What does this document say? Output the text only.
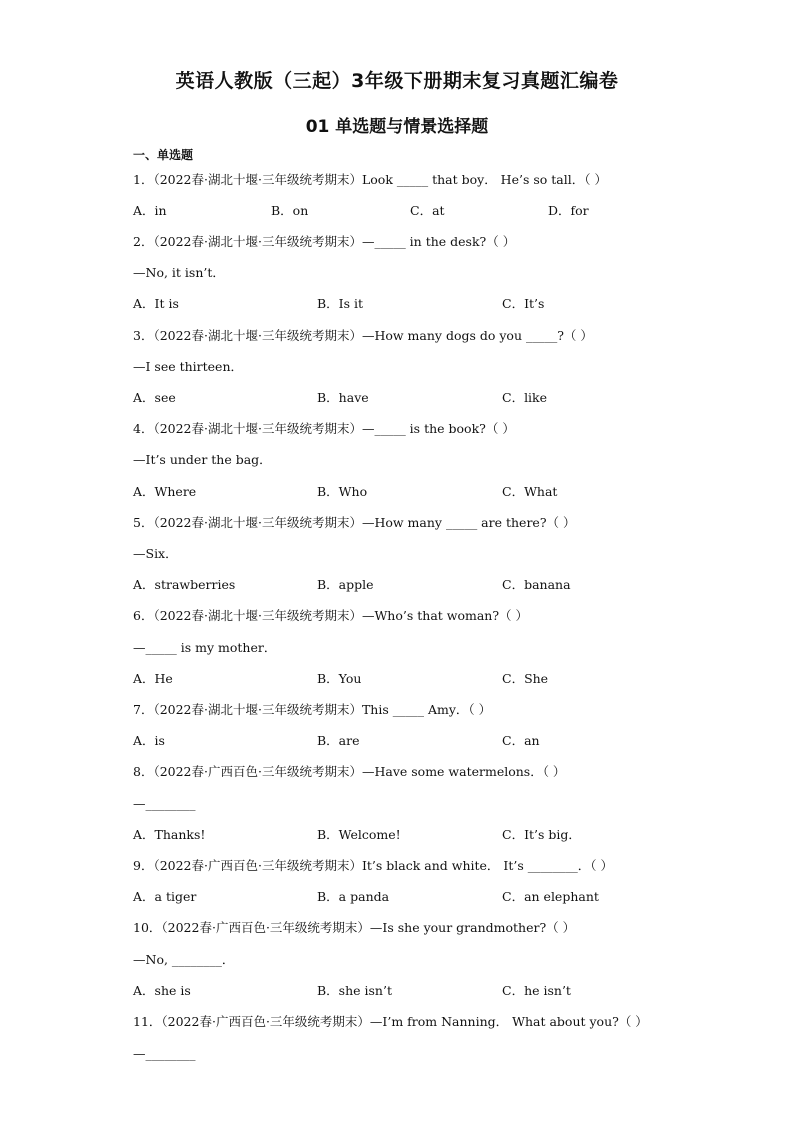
英语人教版（三起）3年级下册期末复习真题汇编卷
01 单选题与情景选择题
一、单选题
1．（2022春·湖北十堰·三年级统考期末）Look _____ that boy． He’s so tall．（ ）
A．in	B．on	C．at	D．for
2．（2022春·湖北十堰·三年级统考期末）—_____ in the desk?（ ）
—No, it isn’t．
A．It is	B．Is it	C．It’s
3．（2022春·湖北十堰·三年级统考期末）—How many dogs do you _____?（ ）
—I see thirteen．
A．see	B．have	C．like
4．（2022春·湖北十堰·三年级统考期末）—_____ is the book?（ ）
—It’s under the bag．
A．Where	B．Who	C．What
5．（2022春·湖北十堰·三年级统考期末）—How many _____ are there?（ ）
—Six．
A．strawberries	B．apple	C．banana
6．（2022春·湖北十堰·三年级统考期末）—Who’s that woman?（ ）
—_____ is my mother．
A．He	B．You	C．She
7．（2022春·湖北十堰·三年级统考期末）This _____ Amy．（ ）
A．is	B．are	C．an
8．（2022春·广西百色·三年级统考期末）—Have some watermelons．（ ）
—________
A．Thanks!	B．Welcome!	C．It’s big．
9．（2022春·广西百色·三年级统考期末）It’s black and white． It’s ________．（ ）
A．a tiger	B．a panda	C．an elephant
10．（2022春·广西百色·三年级统考期末）—Is she your grandmother?（ ）
—No, ________．
A．she is	B．she isn’t	C．he isn’t
11．（2022春·广西百色·三年级统考期末）—I’m from Nanning． What about you?（ ）
—________
